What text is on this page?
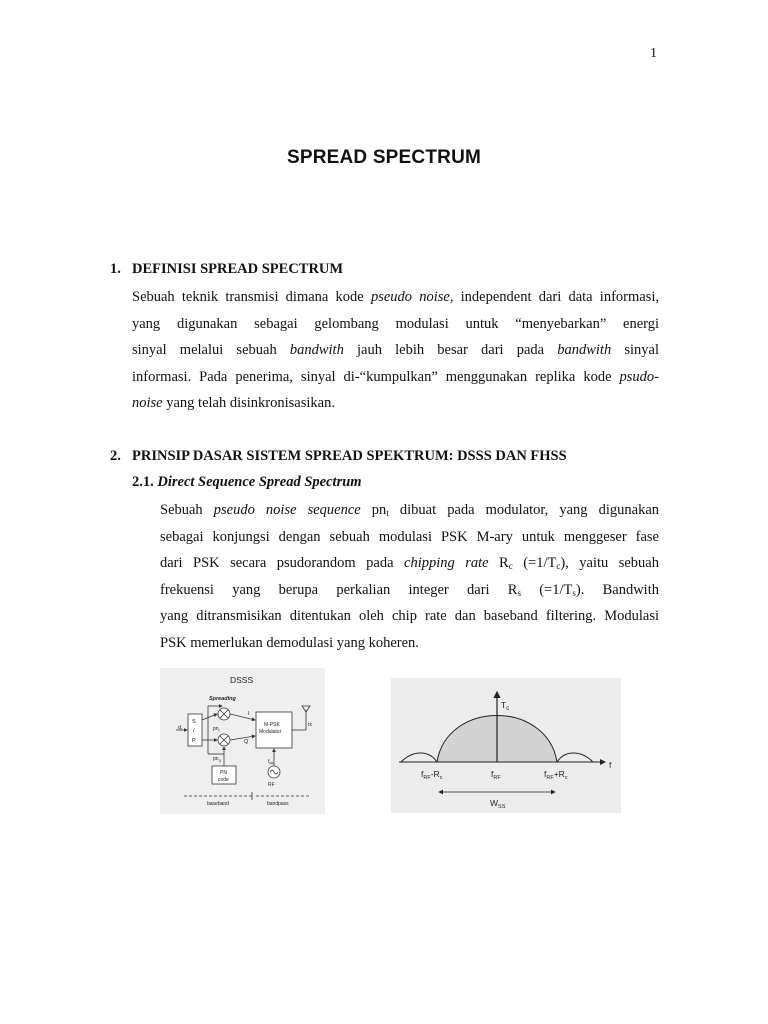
1
SPREAD SPECTRUM
1. DEFINISI SPREAD SPECTRUM
Sebuah teknik transmisi dimana kode pseudo noise, independent dari data informasi,
yang digunakan sebagai gelombang modulasi untuk “menyebarkan” energi
sinyal melalui sebuah bandwith jauh lebih besar dari pada bandwith sinyal
informasi. Pada penerima, sinyal di-“kumpulkan” menggunakan replika kode psudo-
noise yang telah disinkronisasikan.
2. PRINSIP DASAR SISTEM SPREAD SPEKTRUM: DSSS DAN FHSS
2.1. Direct Sequence Spread Spectrum
Sebuah pseudo noise sequence $pn_t$ dibuat pada modulator, yang digunakan
sebagai konjungsi dengan sebuah modulasi PSK M-ary untuk menggeser fase
dari PSK secara psudorandom pada chipping rate $R_c$ $(=1/T_c)$, yaitu sebuah
frekuensi yang berupa perkalian integer dari $R_s$ $(=1/T_s)$. Bandwith
yang ditransmisikan ditentukan oleh chip rate dan baseband filtering. Modulasi
PSK memerlukan demodulasi yang koheren.
DSSS
Spreading
$d_i$
I
Q
$pn_i$
$pn_q$	$f_{RF}$
RF
baseband	bandpass
S
/
P
M-PSK
Modulator
tx
PN
code
$T_c$
f
$f_{RF}-R_c$	$f_{RF}$	$f_{RF}+R_c$
$W_{SS}$
